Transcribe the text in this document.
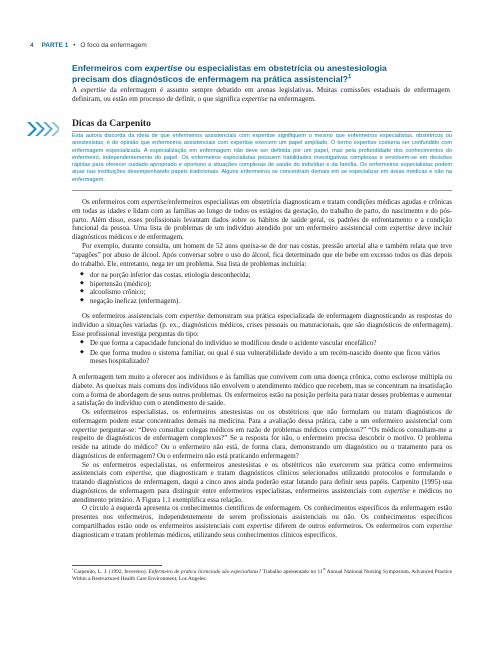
4 PARTE 1 • O foco da enfermagem
Enfermeiros com expertise ou especialistas em obstetrícia ou anestesiologia
precisam dos diagnósticos de enfermagem na prática assistencial?$^1$
A expertise da enfermagem é assunto sempre debatido em arenas legislativas. Muitas comissões estaduais de enfermagem definiram, ou estão em processo de definir, o que significa expertise na enfermagem.
Dicas da Carpenito
Esta autora discorda da ideia de que enfermeiros assistenciais com expertise signifiquem o mesmo que enfermeiros especialistas, obstétricos ou anestesistas; é de opinião que enfermeiros assistenciais com expertise exercem um papel ampliado. O termo expertise costuma ser confundido com enfermagem especializada. A especialização em enfermagem não deve ser definida por um papel, mas pela profundidade dos conhecimentos do enfermeiro, independentemente do papel. Os enfermeiros especialistas possuem habilidades investigativas complexas e envolvem-se em decisões rápidas para oferecer cuidado apropriado e oportuno a situações complexas de saúde do indivíduo e da família. Os enfermeiros especialistas podem atuar nas instituições desempenhando papéis tradicionais. Alguns enfermeiros se concentram demais em se especializar em áreas médicas e não na enfermagem.

Os enfermeiros com expertise/enfermeiros especialistas em obstetrícia diagnosticam e tratam condições médicas agudas e crônicas em todas as idades e lidam com as famílias ao longo de todos os estágios da gestação, do trabalho de parto, do nascimento e do pós-parto. Além disso, esses profissionais levantam dados sobre os hábitos de saúde geral, os padrões de enfrentamento e a condição funcional da pessoa. Uma lista de problemas de um indivíduo atendido por um enfermeiro assistencial com expertise deve incluir diagnósticos médicos e de enfermagem.

Por exemplo, durante consulta, um homem de 52 anos queixa-se de dor nas costas, pressão arterial alta e também relata que teve “apagões” por abuso de álcool. Após conversar sobre o uso do álcool, fica determinado que ele bebe em excesso todos os dias depois do trabalho. Ele, entretanto, nega ter um problema. Sua lista de problemas incluiria:

◆ dor na porção inferior das costas, etiologia desconhecida;
◆ hipertensão (médico);
◆ alcoolismo crônico;
◆ negação ineficaz (enfermagem).

Os enfermeiros assistenciais com expertise demonstram sua prática especializada de enfermagem diagnosticando as respostas do indivíduo a situações variadas (p. ex., diagnósticos médicos, crises pessoais ou maturacionais, que são diagnósticos de enfermagem). Esse profissional investiga perguntas do tipo:

◆ De que forma a capacidade funcional do indivíduo se modificou desde o acidente vascular encefálico?
◆ De que forma mudou o sistema familiar, ou qual é sua vulnerabilidade devido a um recém-nascido doente que ficou vários meses hospitalizado?

A enfermagem tem muito a oferecer aos indivíduos e às famílias que convivem com uma doença crônica, como esclerose múltipla ou diabete. As queixas mais comuns dos indivíduos não envolvem o atendimento médico que recebem, mas se concentram na insatisfação com a forma de abordagem de seus outros problemas. Os enfermeiros estão na posição perfeita para tratar desses problemas e aumentar a satisfação do indivíduo com o atendimento de saúde.

Os enfermeiros especialistas, os enfermeiros anestesistas ou os obstétricos que não formulam ou tratam diagnósticos de enfermagem podem estar concentrados demais na medicina. Para a avaliação dessa prática, cabe a um enfermeiro assistencial com expertise perguntar-se: “Devo consultar colegas médicos em razão de problemas médicos complexos?” “Os médicos consultam-me a respeito de diagnósticos de enfermagem complexos?” Se a resposta for não, o enfermeiro precisa descobrir o motivo. O problema reside na atitude do médico? Ou o enfermeiro não está, de forma clara, demonstrando um diagnóstico ou o tratamento para os diagnósticos de enfermagem? Ou o enfermeiro não está praticando enfermagem?

Se os enfermeiros especialistas, os enfermeiros anestesistas e os obstétricos não exercerem sua prática como enfermeiros assistenciais com expertise, que diagnosticam e tratam diagnósticos clínicos selecionados utilizando protocolos e formulando e tratando diagnósticos de enfermagem, daqui a cinco anos ainda poderão estar lutando para definir seus papéis. Carpenito (1995) usa diagnósticos de enfermagem para distinguir entre enfermeiros especialistas, enfermeiros assistenciais com expertise e médicos no atendimento primário. A Figura 1.1 exemplifica essa relação.

O círculo à esquerda apresenta os conhecimentos científicos de enfermagem. Os conhecimentos específicos da enfermagem estão presentes nos enfermeiros, independentemente de serem profissionais assistenciais ou não. Os conhecimentos específicos compartilhados estão onde os enfermeiros assistenciais com expertise diferem de outros enfermeiros. Os enfermeiros com expertise diagnosticam e tratam problemas médicos, utilizando seus conhecimentos clínicos específicos.

$^1$Carpenito, L. J. (1992, fevereiro). Enfermeiro de prática licenciado são especialistas? Trabalho apresentado no 11th Annual National Nursing Symposium, Advanced Practice Within a Restructured Health Care Environment, Los Angeles.
